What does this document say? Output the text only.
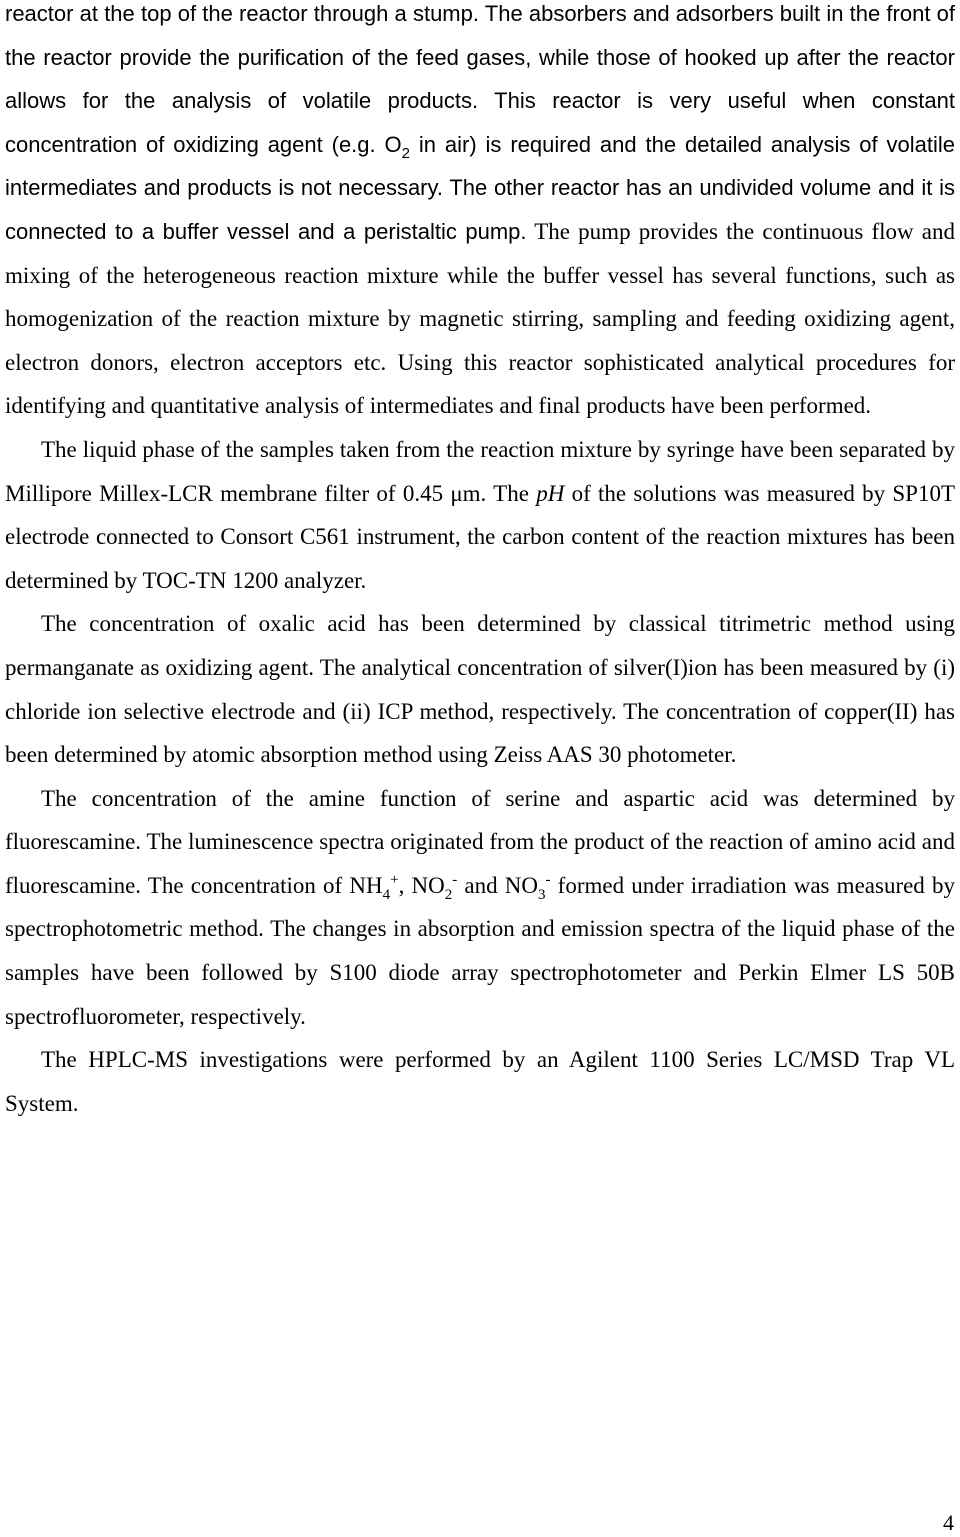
reactor at the top of the reactor through a stump. The absorbers and adsorbers built in the front of the reactor provide the purification of the feed gases, while those of hooked up after the reactor allows for the analysis of volatile products. This reactor is very useful when constant concentration of oxidizing agent (e.g. $O_2$ in air) is required and the detailed analysis of volatile intermediates and products is not necessary. The other reactor has an undivided volume and it is connected to a buffer vessel and a peristaltic pump. The pump provides the continuous flow and mixing of the heterogeneous reaction mixture while the buffer vessel has several functions, such as homogenization of the reaction mixture by magnetic stirring, sampling and feeding oxidizing agent, electron donors, electron acceptors etc. Using this reactor sophisticated analytical procedures for identifying and quantitative analysis of intermediates and final products have been performed.

The liquid phase of the samples taken from the reaction mixture by syringe have been separated by Millipore Millex-LCR membrane filter of 0.45 μm. The pH of the solutions was measured by SP10T electrode connected to Consort C561 instrument, the carbon content of the reaction mixtures has been determined by TOC-TN 1200 analyzer.

The concentration of oxalic acid has been determined by classical titrimetric method using permanganate as oxidizing agent. The analytical concentration of silver(I)ion has been measured by (i) chloride ion selective electrode and (ii) ICP method, respectively. The concentration of copper(II) has been determined by atomic absorption method using Zeiss AAS 30 photometer.

The concentration of the amine function of serine and aspartic acid was determined by fluorescamine. The luminescence spectra originated from the product of the reaction of amino acid and fluorescamine. The concentration of $NH_4^+$, $NO_2^-$ and $NO_3^-$ formed under irradiation was measured by spectrophotometric method. The changes in absorption and emission spectra of the liquid phase of the samples have been followed by S100 diode array spectrophotometer and Perkin Elmer LS 50B spectrofluorometer, respectively.

The HPLC-MS investigations were performed by an Agilent 1100 Series LC/MSD Trap VL System.

4
